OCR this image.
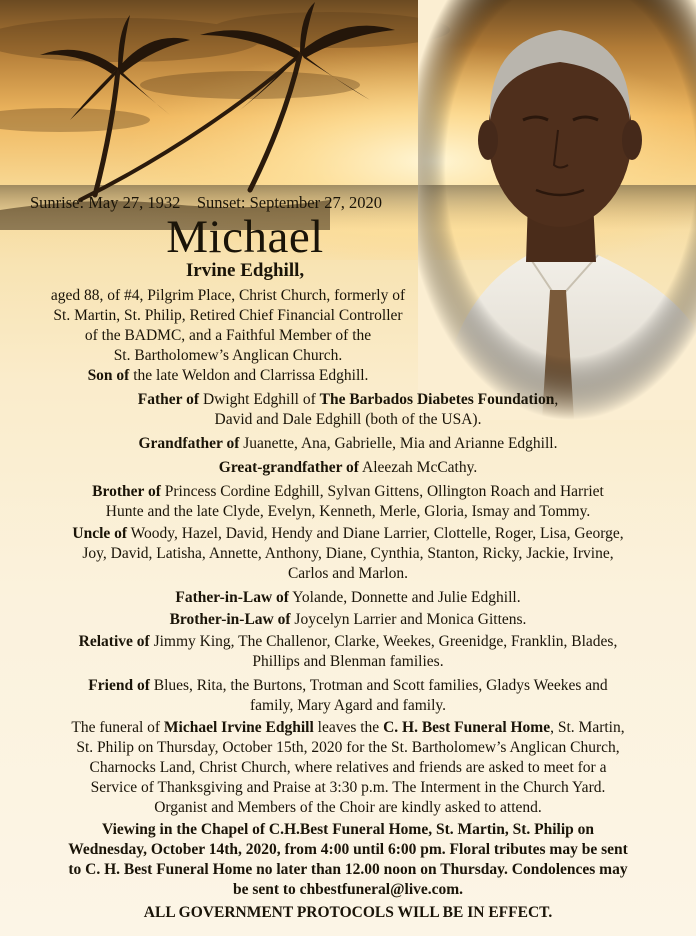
Sunrise: May 27, 1932 Sunset: September 27, 2020
Michael
Irvine Edghill,
aged 88, of #4, Pilgrim Place, Christ Church, formerly of
St. Martin, St. Philip, Retired Chief Financial Controller
of the BADMC, and a Faithful Member of the
St. Bartholomew’s Anglican Church.
Son of the late Weldon and Clarrissa Edghill.
Father of Dwight Edghill of The Barbados Diabetes Foundation,
David and Dale Edghill (both of the USA).
Grandfather of Juanette, Ana, Gabrielle, Mia and Arianne Edghill.
Great-grandfather of Aleezah McCathy.
Brother of Princess Cordine Edghill, Sylvan Gittens, Ollington Roach and Harriet
Hunte and the late Clyde, Evelyn, Kenneth, Merle, Gloria, Ismay and Tommy.
Uncle of Woody, Hazel, David, Hendy and Diane Larrier, Clottelle, Roger, Lisa, George,
Joy, David, Latisha, Annette, Anthony, Diane, Cynthia, Stanton, Ricky, Jackie, Irvine,
Carlos and Marlon.
Father-in-Law of Yolande, Donnette and Julie Edghill.
Brother-in-Law of Joycelyn Larrier and Monica Gittens.
Relative of Jimmy King, The Challenor, Clarke, Weekes, Greenidge, Franklin, Blades,
Phillips and Blenman families.
Friend of Blues, Rita, the Burtons, Trotman and Scott families, Gladys Weekes and
family, Mary Agard and family.
The funeral of Michael Irvine Edghill leaves the C. H. Best Funeral Home, St. Martin,
St. Philip on Thursday, October 15th, 2020 for the St. Bartholomew’s Anglican Church,
Charnocks Land, Christ Church, where relatives and friends are asked to meet for a
Service of Thanksgiving and Praise at 3:30 p.m. The Interment in the Church Yard.
Organist and Members of the Choir are kindly asked to attend.
Viewing in the Chapel of C.H.Best Funeral Home, St. Martin, St. Philip on
Wednesday, October 14th, 2020, from 4:00 until 6:00 pm. Floral tributes may be sent
to C. H. Best Funeral Home no later than 12.00 noon on Thursday. Condolences may
be sent to chbestfuneral@live.com.
ALL GOVERNMENT PROTOCOLS WILL BE IN EFFECT.
